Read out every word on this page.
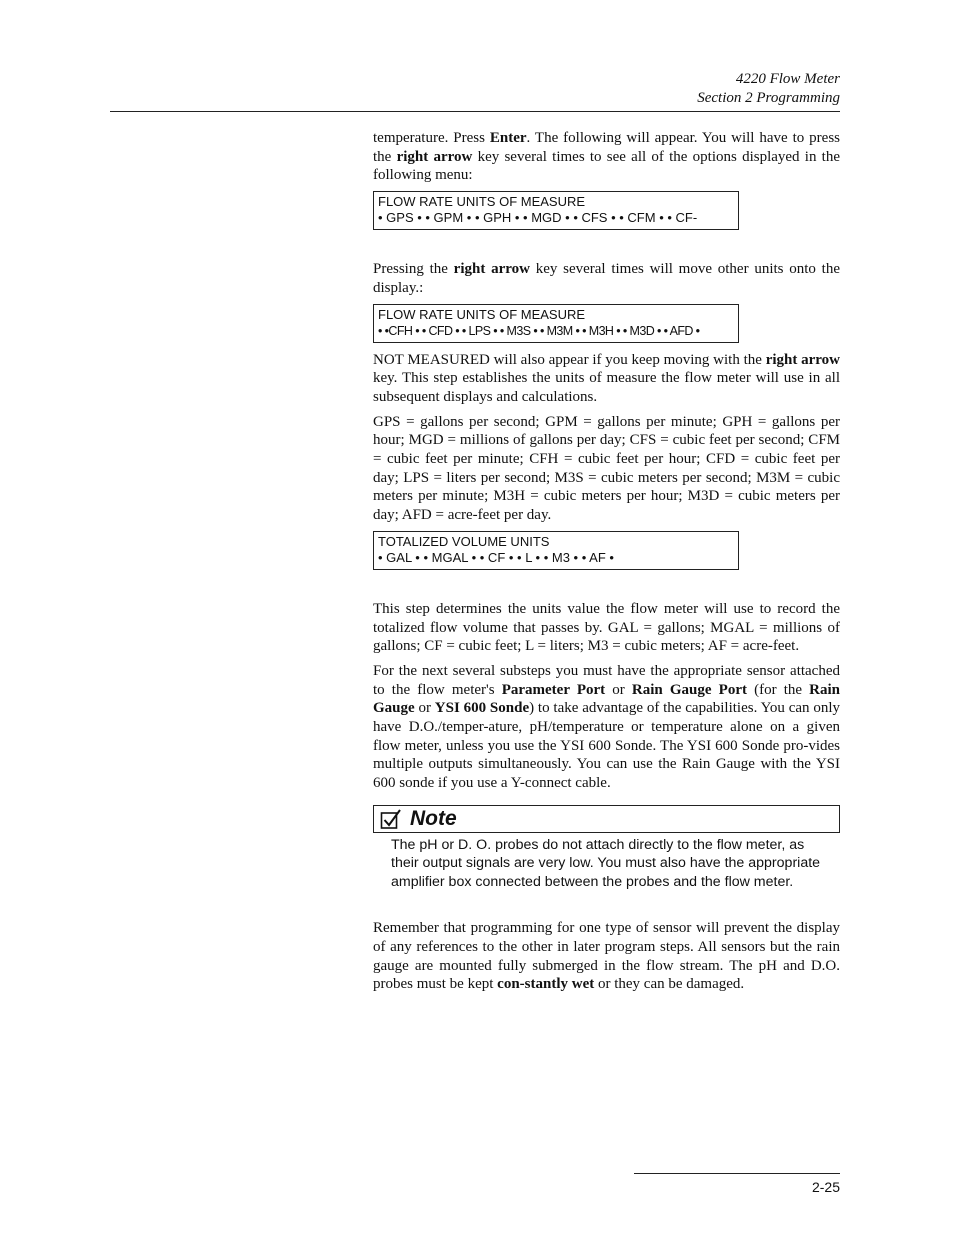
4220 Flow Meter
Section 2 Programming

temperature. Press Enter. The following will appear. You will have to press the right arrow key several times to see all of the options displayed in the following menu:

FLOW RATE UNITS OF MEASURE
• GPS • • GPM • • GPH • • MGD • • CFS • • CFM • • CF-

Pressing the right arrow key several times will move other units onto the display.:

FLOW RATE UNITS OF MEASURE
• •CFH • • CFD • • LPS • • M3S • • M3M • • M3H • • M3D • • AFD •

NOT MEASURED will also appear if you keep moving with the right arrow key. This step establishes the units of measure the flow meter will use in all subsequent displays and calculations.

GPS = gallons per second; GPM = gallons per minute; GPH = gallons per hour; MGD = millions of gallons per day; CFS = cubic feet per second; CFM = cubic feet per minute; CFH = cubic feet per hour; CFD = cubic feet per day; LPS = liters per second; M3S = cubic meters per second; M3M = cubic meters per minute; M3H = cubic meters per hour; M3D = cubic meters per day; AFD = acre-feet per day.

TOTALIZED VOLUME UNITS
• GAL • • MGAL • • CF • • L • • M3 • • AF •

This step determines the units value the flow meter will use to record the totalized flow volume that passes by. GAL = gallons; MGAL = millions of gallons; CF = cubic feet; L = liters; M3 = cubic meters; AF = acre-feet.

For the next several substeps you must have the appropriate sensor attached to the flow meter's Parameter Port or Rain Gauge Port (for the Rain Gauge or YSI 600 Sonde) to take advantage of the capabilities. You can only have D.O./temper-ature, pH/temperature or temperature alone on a given flow meter, unless you use the YSI 600 Sonde. The YSI 600 Sonde pro-vides multiple outputs simultaneously. You can use the Rain Gauge with the YSI 600 sonde if you use a Y-connect cable.

Note
The pH or D. O. probes do not attach directly to the flow meter, as their output signals are very low. You must also have the appropriate amplifier box connected between the probes and the flow meter.

Remember that programming for one type of sensor will prevent the display of any references to the other in later program steps. All sensors but the rain gauge are mounted fully submerged in the flow stream. The pH and D.O. probes must be kept con-stantly wet or they can be damaged.

2-25
